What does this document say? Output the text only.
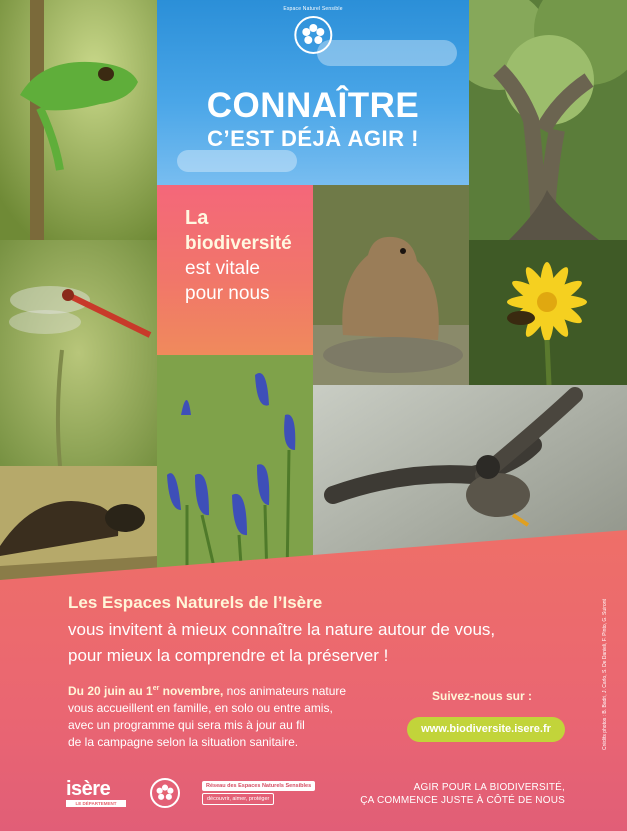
Espace Naturel Sensible
CONNAÎTRE
C’EST DÉJÀ AGIR !
La
biodiversité
est vitale
pour nous
Les Espaces Naturels de l’Isère
vous invitent à mieux connaître la nature autour de vous,
pour mieux la comprendre et la préserver !
Du 20 juin au 1er novembre, nos animateurs nature
vous accueillent en famille, en solo ou entre amis,
avec un programme qui sera mis à jour au fil
de la campagne selon la situation sanitaire.
Suivez-nous sur :
www.biodiversite.isere.fr	Crédits photos : B. Badri, J. Carlo, S. De Danieli, F. Pinto, G. Suiront
isère
LE DÉPARTEMENT
Réseau des Espaces Naturels Sensibles
découvrir, aimer, protéger
AGIR POUR LA BIODIVERSITÉ,
ÇA COMMENCE JUSTE À CÔTÉ DE NOUS
